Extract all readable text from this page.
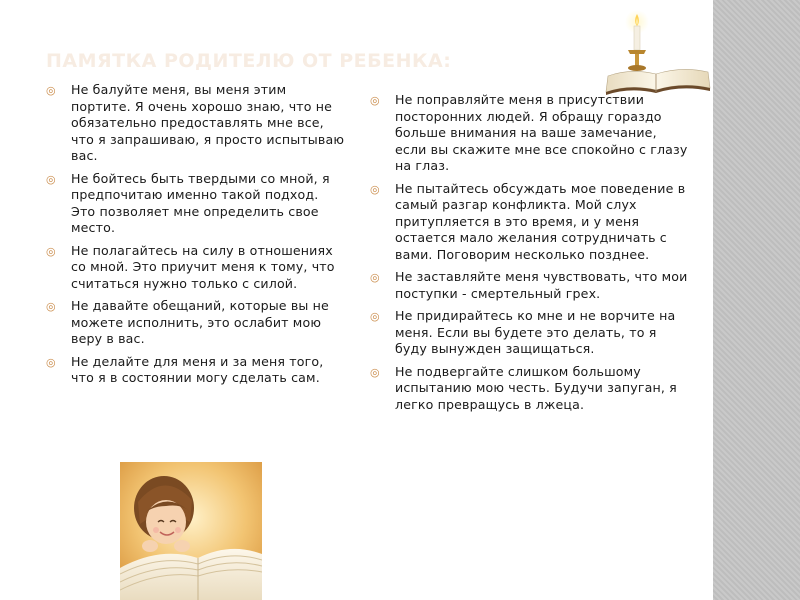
ПАМЯТКА РОДИТЕЛЮ ОТ РЕБЕНКА:
◎ Не балуйте меня, вы меня этим портите. Я очень хорошо знаю, что не обязательно предоставлять мне все, что я запрашиваю, я просто испытываю вас.
◎ Не бойтесь быть твердыми со мной, я предпочитаю именно такой подход. Это позволяет мне определить свое место.
◎ Не полагайтесь на силу в отношениях со мной. Это приучит меня к тому, что считаться нужно только с силой.
◎ Не давайте обещаний, которые вы не можете исполнить, это ослабит мою веру в вас.
◎ Не делайте для меня и за меня того, что я в состоянии могу сделать сам.
◎ Не поправляйте меня в присутствии посторонних людей. Я обращу гораздо больше внимания на ваше замечание, если вы скажите мне все спокойно с глазу на глаз.
◎ Не пытайтесь обсуждать мое поведение в самый разгар конфликта. Мой слух притупляется в это время, и у меня остается мало желания сотрудничать с вами. Поговорим несколько позднее.
◎ Не заставляйте меня чувствовать, что мои поступки - смертельный грех.
◎ Не придирайтесь ко мне и не ворчите на меня. Если вы будете это делать, то я буду вынужден защищаться.
◎ Не подвергайте слишком большому испытанию мою честь. Будучи запуган, я легко превращусь в лжеца.
